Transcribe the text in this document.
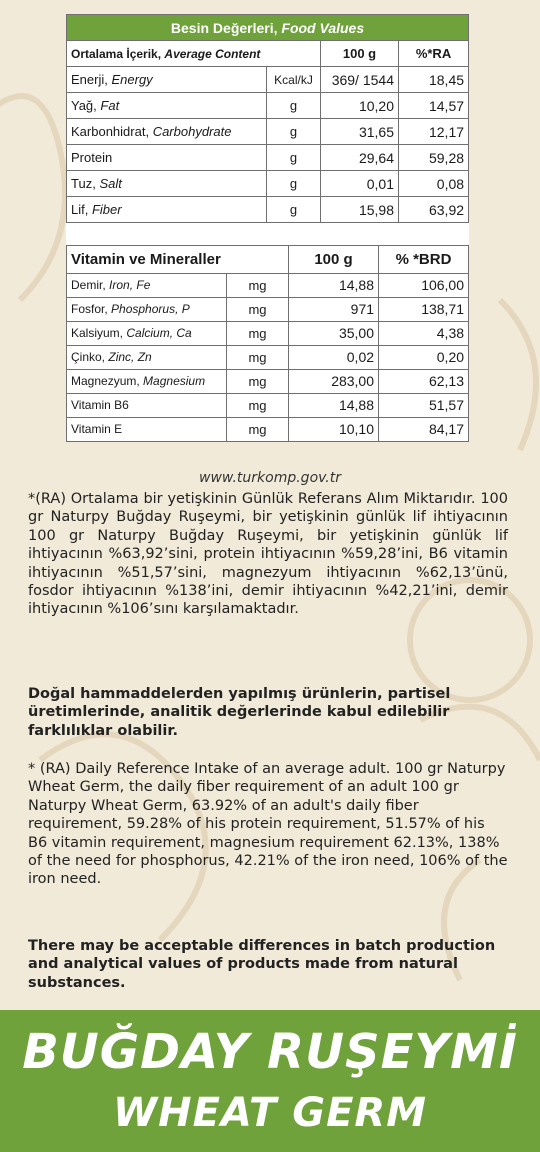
Besin Değerleri, Food Values			
Ortalama İçerik, Average Content		100 g	%*RA
Enerji, Energy	Kcal/kJ	369/ 1544	18,45
Yağ, Fat	g	10,20	14,57
Karbonhidrat, Carbohydrate	g	31,65	12,17
Protein	g	29,64	59,28
Tuz, Salt	g	0,01	0,08
Lif, Fiber	g	15,98	63,92

Vitamin ve Mineraller		100 g	% *BRD
Demir, Iron, Fe	mg	14,88	106,00
Fosfor, Phosphorus, P	mg	971	138,71
Kalsiyum, Calcium, Ca	mg	35,00	4,38
Çinko, Zinc, Zn	mg	0,02	0,20
Magnezyum, Magnesium	mg	283,00	62,13
Vitamin B6	mg	14,88	51,57
Vitamin E	mg	10,10	84,17
www.turkomp.gov.tr
*(RA) Ortalama bir yetişkinin Günlük Referans Alım Miktarıdır. 100 gr Naturpy Buğday Ruşeymi, bir yetişkinin günlük lif ihtiyacının 100 gr Naturpy Buğday Ruşeymi, bir yetişkinin günlük lif ihtiyacının %63,92’sini, protein ihtiyacının %59,28’ini, B6 vitamin ihtiyacının %51,57’sini, magnezyum ihtiyacının %62,13’ünü, fosdor ihtiyacının %138’ini, demir ihtiyacının %42,21’ini, demir ihtiyacının %106’sını karşılamaktadır.
Doğal hammaddelerden yapılmış ürünlerin, partisel üretimlerinde, analitik değerlerinde kabul edilebilir farklılıklar olabilir.
* (RA) Daily Reference Intake of an average adult. 100 gr Naturpy Wheat Germ, the daily fiber requirement of an adult 100 gr Naturpy Wheat Germ, 63.92% of an adult's daily fiber requirement, 59.28% of his protein requirement, 51.57% of his B6 vitamin requirement, magnesium requirement 62.13%, 138% of the need for phosphorus, 42.21% of the iron need, 106% of the iron need.
There may be acceptable differences in batch production and analytical values of products made from natural substances.
BUĞDAY RUŞEYMİ
WHEAT GERM
